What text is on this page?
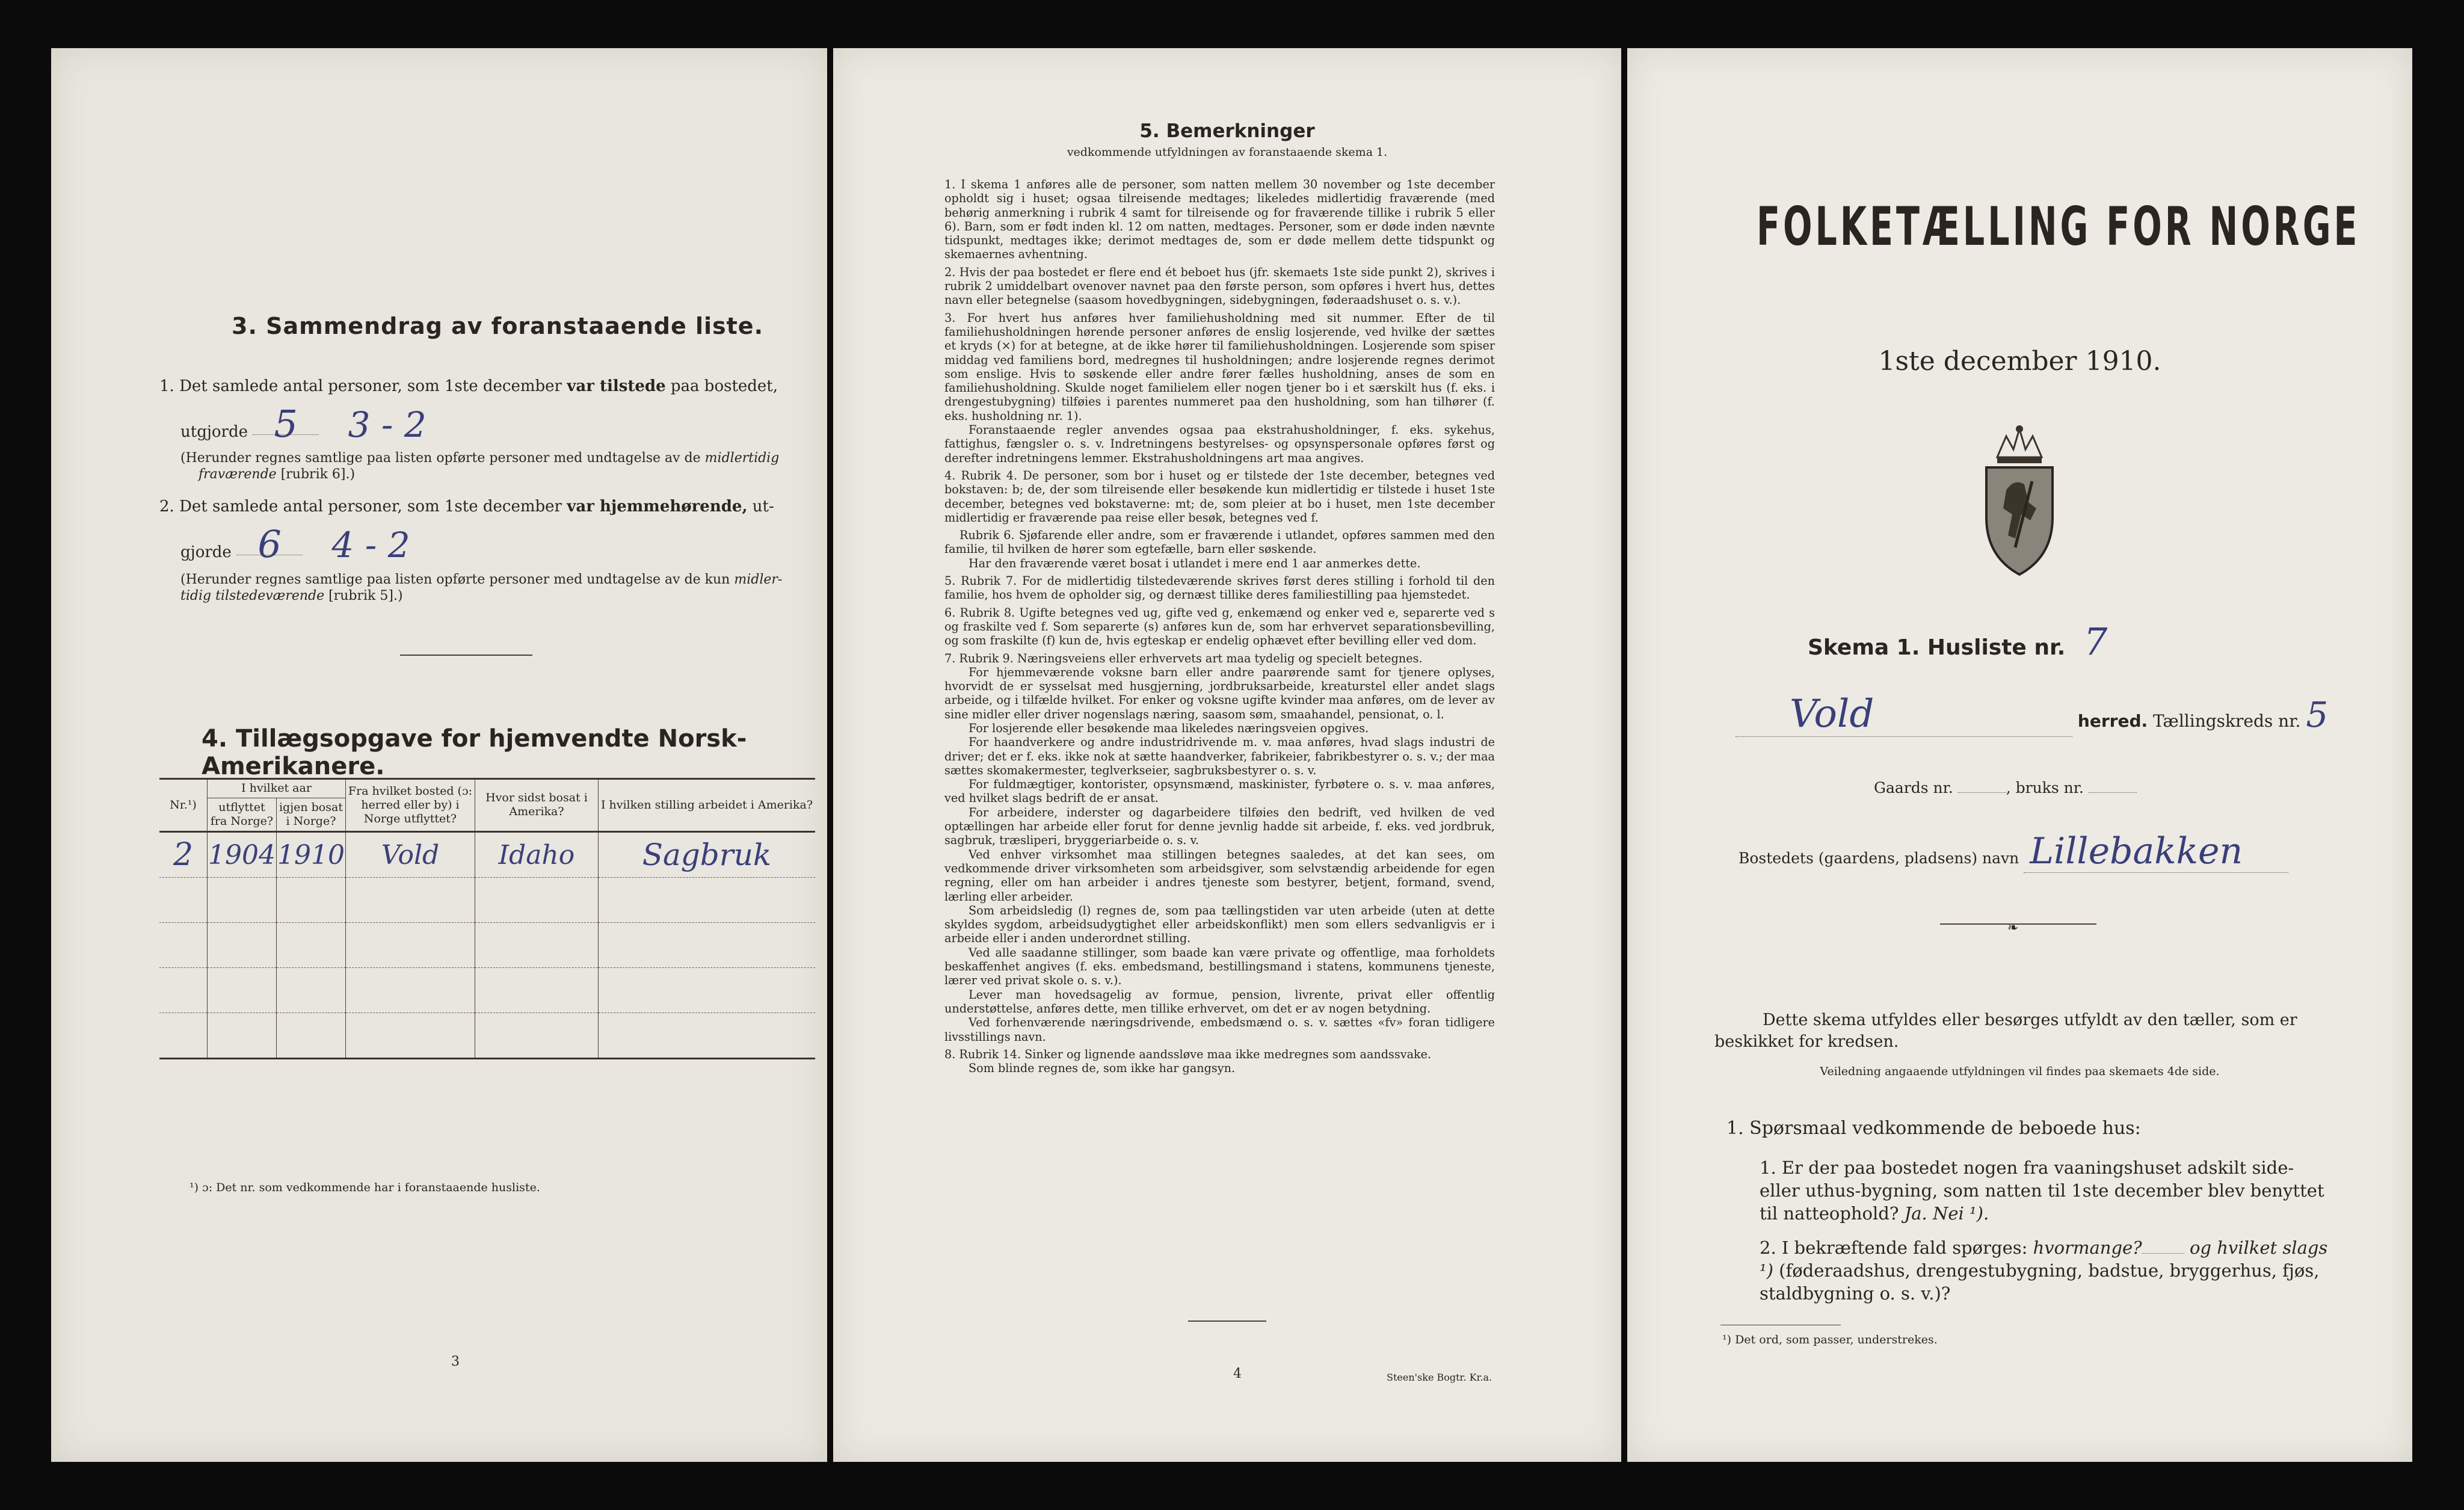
3. Sammendrag av foranstaaende liste.
1. Det samlede antal personer, som 1ste december var tilstede paa bostedet,
utgjorde 5 3 - 2
(Herunder regnes samtlige paa listen opførte personer med undtagelse av de midlertidig
fraværende [rubrik 6].)
2. Det samlede antal personer, som 1ste december var hjemmehørende, ut-
gjorde 6 4 - 2
(Herunder regnes samtlige paa listen opførte personer med undtagelse av de kun midler-
tidig tilstedeværende [rubrik 5].)
4. Tillægsopgave for hjemvendte Norsk-Amerikanere.
Nr.¹)	I hvilket aar		Fra hvilket bosted (ɔ: herred eller by) i Norge utflyttet?	Hvor sidst bosat i Amerika?	I hvilken stilling arbeidet i Amerika?
	utflyttet fra Norge?	igjen bosat i Norge?			
2	1904	1910	Vold	Idaho	Sagbruk

¹) ɔ: Det nr. som vedkommende har i foranstaaende husliste.
3
5. Bemerkninger
vedkommende utfyldningen av foranstaaende skema 1.

1. I skema 1 anføres alle de personer, som natten mellem 30 november og 1ste december opholdt sig i huset; ogsaa tilreisende medtages; likeledes midlertidig fraværende (med behørig anmerkning i rubrik 4 samt for tilreisende og for fraværende tillike i rubrik 5 eller 6). Barn, som er født inden kl. 12 om natten, medtages. Personer, som er døde inden nævnte tidspunkt, medtages ikke; derimot medtages de, som er døde mellem dette tidspunkt og skemaernes avhentning.

2. Hvis der paa bostedet er flere end ét beboet hus (jfr. skemaets 1ste side punkt 2), skrives i rubrik 2 umiddelbart ovenover navnet paa den første person, som opføres i hvert hus, dettes navn eller betegnelse (saasom hovedbygningen, sidebygningen, føderaadshuset o. s. v.).

3. For hvert hus anføres hver familiehusholdning med sit nummer. Efter de til familiehusholdningen hørende personer anføres de enslig losjerende, ved hvilke der sættes et kryds (×) for at betegne, at de ikke hører til familiehusholdningen. Losjerende som spiser middag ved familiens bord, medregnes til husholdningen; andre losjerende regnes derimot som enslige. Hvis to søskende eller andre fører fælles husholdning, anses de som en familiehusholdning. Skulde noget familielem eller nogen tjener bo i et særskilt hus (f. eks. i drengestubygning) tilføies i parentes nummeret paa den husholdning, som han tilhører (f. eks. husholdning nr. 1).

Foranstaaende regler anvendes ogsaa paa ekstrahusholdninger, f. eks. sykehus, fattighus, fængsler o. s. v. Indretningens bestyrelses- og opsynspersonale opføres først og derefter indretningens lemmer. Ekstrahusholdningens art maa angives.

4. Rubrik 4. De personer, som bor i huset og er tilstede der 1ste december, betegnes ved bokstaven: b; de, der som tilreisende eller besøkende kun midlertidig er tilstede i huset 1ste december, betegnes ved bokstaverne: mt; de, som pleier at bo i huset, men 1ste december midlertidig er fraværende paa reise eller besøk, betegnes ved f.

Rubrik 6. Sjøfarende eller andre, som er fraværende i utlandet, opføres sammen med den familie, til hvilken de hører som egtefælle, barn eller søskende.

Har den fraværende været bosat i utlandet i mere end 1 aar anmerkes dette.

5. Rubrik 7. For de midlertidig tilstedeværende skrives først deres stilling i forhold til den familie, hos hvem de opholder sig, og dernæst tillike deres familiestilling paa hjemstedet.

6. Rubrik 8. Ugifte betegnes ved ug, gifte ved g, enkemænd og enker ved e, separerte ved s og fraskilte ved f. Som separerte (s) anføres kun de, som har erhvervet separationsbevilling, og som fraskilte (f) kun de, hvis egteskap er endelig ophævet efter bevilling eller ved dom.

7. Rubrik 9. Næringsveiens eller erhvervets art maa tydelig og specielt betegnes.

For hjemmeværende voksne barn eller andre paarørende samt for tjenere oplyses, hvorvidt de er sysselsat med husgjerning, jordbruksarbeide, kreaturstel eller andet slags arbeide, og i tilfælde hvilket. For enker og voksne ugifte kvinder maa anføres, om de lever av sine midler eller driver nogenslags næring, saasom søm, smaahandel, pensionat, o. l.

For losjerende eller besøkende maa likeledes næringsveien opgives.

For haandverkere og andre industridrivende m. v. maa anføres, hvad slags industri de driver; det er f. eks. ikke nok at sætte haandverker, fabrikeier, fabrikbestyrer o. s. v.; der maa sættes skomakermester, teglverkseier, sagbruksbestyrer o. s. v.

For fuldmægtiger, kontorister, opsynsmænd, maskinister, fyrbøtere o. s. v. maa anføres, ved hvilket slags bedrift de er ansat.

For arbeidere, inderster og dagarbeidere tilføies den bedrift, ved hvilken de ved optællingen har arbeide eller forut for denne jevnlig hadde sit arbeide, f. eks. ved jordbruk, sagbruk, træsliperi, bryggeriarbeide o. s. v.

Ved enhver virksomhet maa stillingen betegnes saaledes, at det kan sees, om vedkommende driver virksomheten som arbeidsgiver, som selvstændig arbeidende for egen regning, eller om han arbeider i andres tjeneste som bestyrer, betjent, formand, svend, lærling eller arbeider.

Som arbeidsledig (l) regnes de, som paa tællingstiden var uten arbeide (uten at dette skyldes sygdom, arbeidsudygtighet eller arbeidskonflikt) men som ellers sedvanligvis er i arbeide eller i anden underordnet stilling.

Ved alle saadanne stillinger, som baade kan være private og offentlige, maa forholdets beskaffenhet angives (f. eks. embedsmand, bestillingsmand i statens, kommunens tjeneste, lærer ved privat skole o. s. v.).

Lever man hovedsagelig av formue, pension, livrente, privat eller offentlig understøttelse, anføres dette, men tillike erhvervet, om det er av nogen betydning.

Ved forhenværende næringsdrivende, embedsmænd o. s. v. sættes «fv» foran tidligere livsstillings navn.

8. Rubrik 14. Sinker og lignende aandssløve maa ikke medregnes som aandssvake.

Som blinde regnes de, som ikke har gangsyn.

4	Steen'ske Bogtr. Kr.a.
FOLKETÆLLING FOR NORGE
1ste december 1910.
Skema 1. Husliste nr. 7
Vold	herred. Tællingskreds nr. 5
Gaards nr.	, bruks nr.
Bostedets (gaardens, pladsens) navn Lillebakken
❧
Dette skema utfyldes eller besørges utfyldt av den tæller, som er beskikket for kredsen.
Veiledning angaaende utfyldningen vil findes paa skemaets 4de side.
1. Spørsmaal vedkommende de beboede hus:
1. Er der paa bostedet nogen fra vaaningshuset adskilt side- eller uthus-bygning, som natten til 1ste december blev benyttet til natteophold? Ja. Nei ¹).
2. I bekræftende fald spørges: hvormange?	og hvilket slags ¹) (føderaadshus, drengestubygning, badstue, bryggerhus, fjøs, staldbygning o. s. v.)?
¹) Det ord, som passer, understrekes.
